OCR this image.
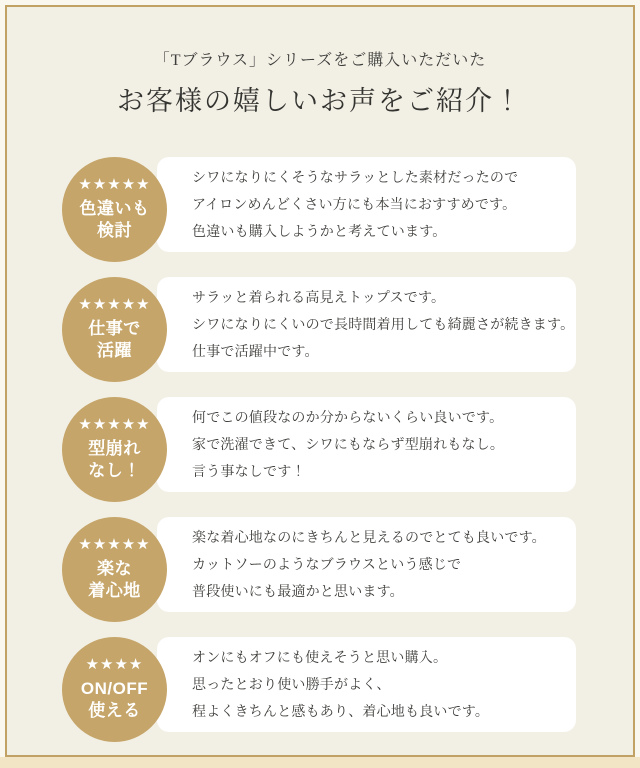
「Tブラウス」シリーズをご購入いただいた
お客様の嬉しいお声をご紹介！
シワになりにくそうなサラッとした素材だったので
アイロンめんどくさい方にも本当におすすめです。
色違いも購入しようかと考えています。
★★★★★
色違いも
検討
サラッと着られる高見えトップスです。
シワになりにくいので長時間着用しても綺麗さが続きます。
仕事で活躍中です。
★★★★★
仕事で
活躍
何でこの値段なのか分からないくらい良いです。
家で洗濯できて、シワにもならず型崩れもなし。
言う事なしです！
★★★★★
型崩れ
なし！
楽な着心地なのにきちんと見えるのでとても良いです。
カットソーのようなブラウスという感じで
普段使いにも最適かと思います。
★★★★★
楽な
着心地
オンにもオフにも使えそうと思い購入。
思ったとおり使い勝手がよく、
程よくきちんと感もあり、着心地も良いです。
★★★★
ON/OFF
使える
